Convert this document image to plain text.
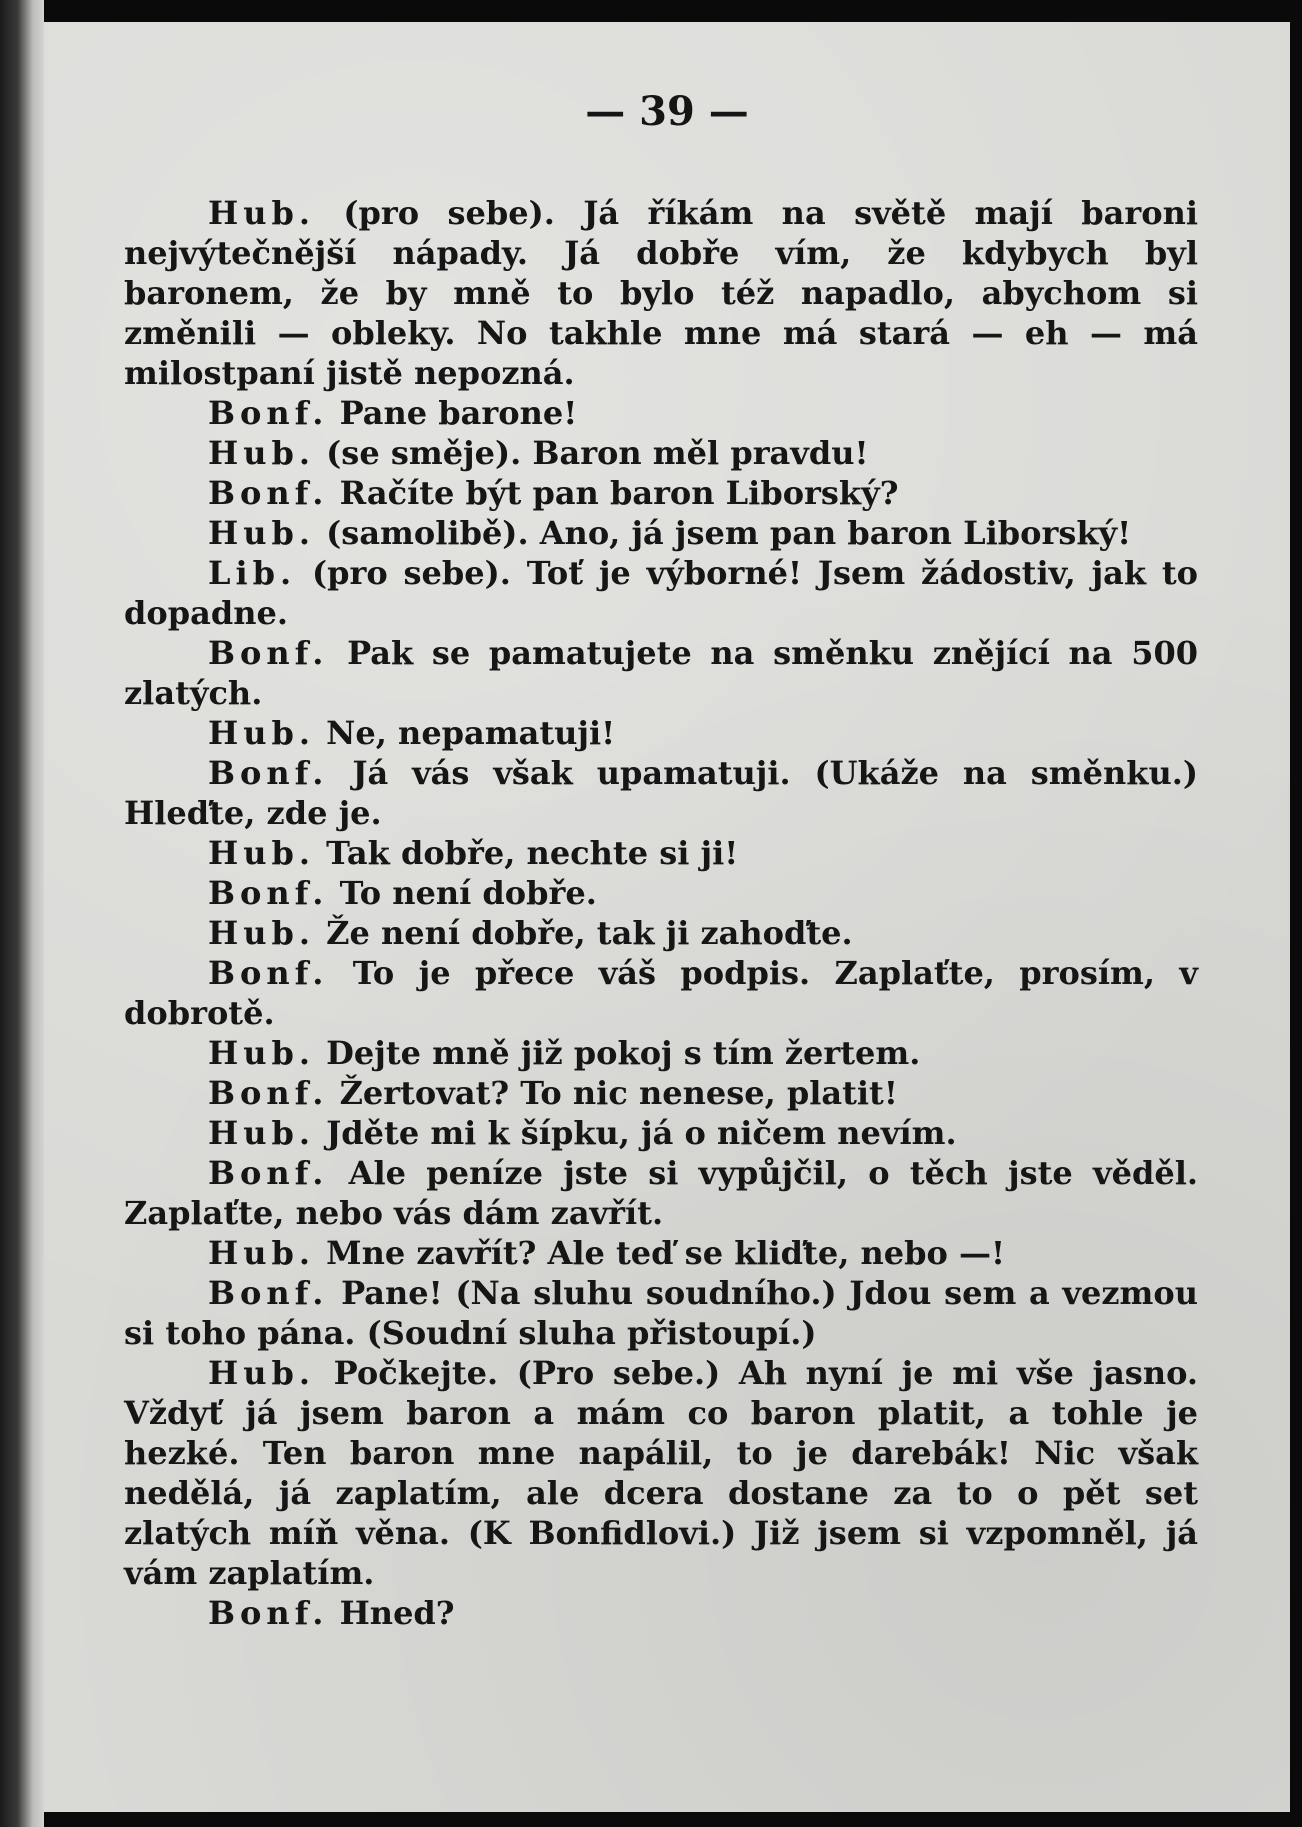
— 39 —

Hub. (pro sebe). Já říkám na světě mají baroni nejvýtečnější nápady. Já dobře vím, že kdybych byl baronem, že by mně to bylo též napadlo, abychom si změnili — obleky. No takhle mne má stará — eh — má milostpaní jistě nepozná.

Bonf. Pane barone!

Hub. (se směje). Baron měl pravdu!

Bonf. Račíte být pan baron Liborský?

Hub. (samolibě). Ano, já jsem pan baron Liborský!

Lib. (pro sebe). Toť je výborné! Jsem žádostiv, jak to dopadne.

Bonf. Pak se pamatujete na směnku znějící na 500 zlatých.

Hub. Ne, nepamatuji!

Bonf. Já vás však upamatuji. (Ukáže na směnku.) Hleďte, zde je.

Hub. Tak dobře, nechte si ji!

Bonf. To není dobře.

Hub. Že není dobře, tak ji zahoďte.

Bonf. To je přece váš podpis. Zaplaťte, prosím, v dobrotě.

Hub. Dejte mně již pokoj s tím žertem.

Bonf. Žertovat? To nic nenese, platit!

Hub. Jděte mi k šípku, já o ničem nevím.

Bonf. Ale peníze jste si vypůjčil, o těch jste věděl. Zaplaťte, nebo vás dám zavřít.

Hub. Mne zavřít? Ale teď se kliďte, nebo —!

Bonf. Pane! (Na sluhu soudního.) Jdou sem a vezmou si toho pána. (Soudní sluha přistoupí.)

Hub. Počkejte. (Pro sebe.) Ah nyní je mi vše jasno. Vždyť já jsem baron a mám co baron platit, a tohle je hezké. Ten baron mne napálil, to je darebák! Nic však nedělá, já zaplatím, ale dcera dostane za to o pět set zlatých míň věna. (K Bonfidlovi.) Již jsem si vzpomněl, já vám zaplatím.

Bonf. Hned?
